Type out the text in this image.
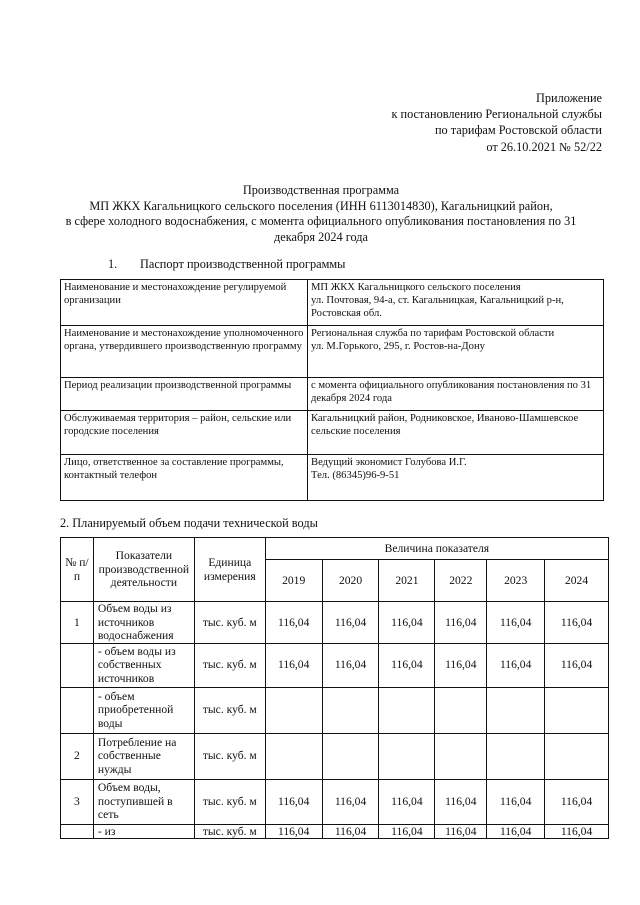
Приложение
к постановлению Региональной службы
по тарифам Ростовской области
от 26.10.2021 № 52/22
Производственная программа
МП ЖКХ Кагальницкого сельского поселения (ИНН 6113014830), Кагальницкий район,
в сфере холодного водоснабжения, с момента официального опубликования постановления по 31
декабря 2024 года
1. Паспорт производственной программы
Наименование и местонахождение регулируемой организации	МП ЖКХ Кагальницкого сельского поселения
ул. Почтовая, 94-а, ст. Кагальницкая, Кагальницкий р-н, Ростовская обл.

Наименование и местонахождение уполномоченного органа, утвердившего производственную программу	Региональная служба по тарифам Ростовской области
ул. М.Горького, 295, г. Ростов-на-Дону

Период реализации производственной программы	с момента официального опубликования постановления по 31 декабря 2024 года

Обслуживаемая территория – район, сельские или городские поселения	Кагальницкий район, Родниковское, Иваново-Шамшевское сельские поселения

Лицо, ответственное за составление программы, контактный телефон	Ведущий экономист Голубова И.Г.
Тел. (86345)96-9-51
2. Планируемый объем подачи технической воды
№ п/п	Показатели производственной деятельности	Единица измерения	Величина показателя					
			2019	2020	2021	2022	2023	2024
1	Объем воды из источников водоснабжения	тыс. куб. м	116,04	116,04	116,04	116,04	116,04	116,04
	- объем воды из собственных источников	тыс. куб. м	116,04	116,04	116,04	116,04	116,04	116,04
	- объем приобретенной воды	тыс. куб. м						
2	Потребление на собственные нужды	тыс. куб. м						
3	Объем воды, поступившей в сеть	тыс. куб. м	116,04	116,04	116,04	116,04	116,04	116,04
	- из	тыс. куб. м	116,04	116,04	116,04	116,04	116,04	116,04
